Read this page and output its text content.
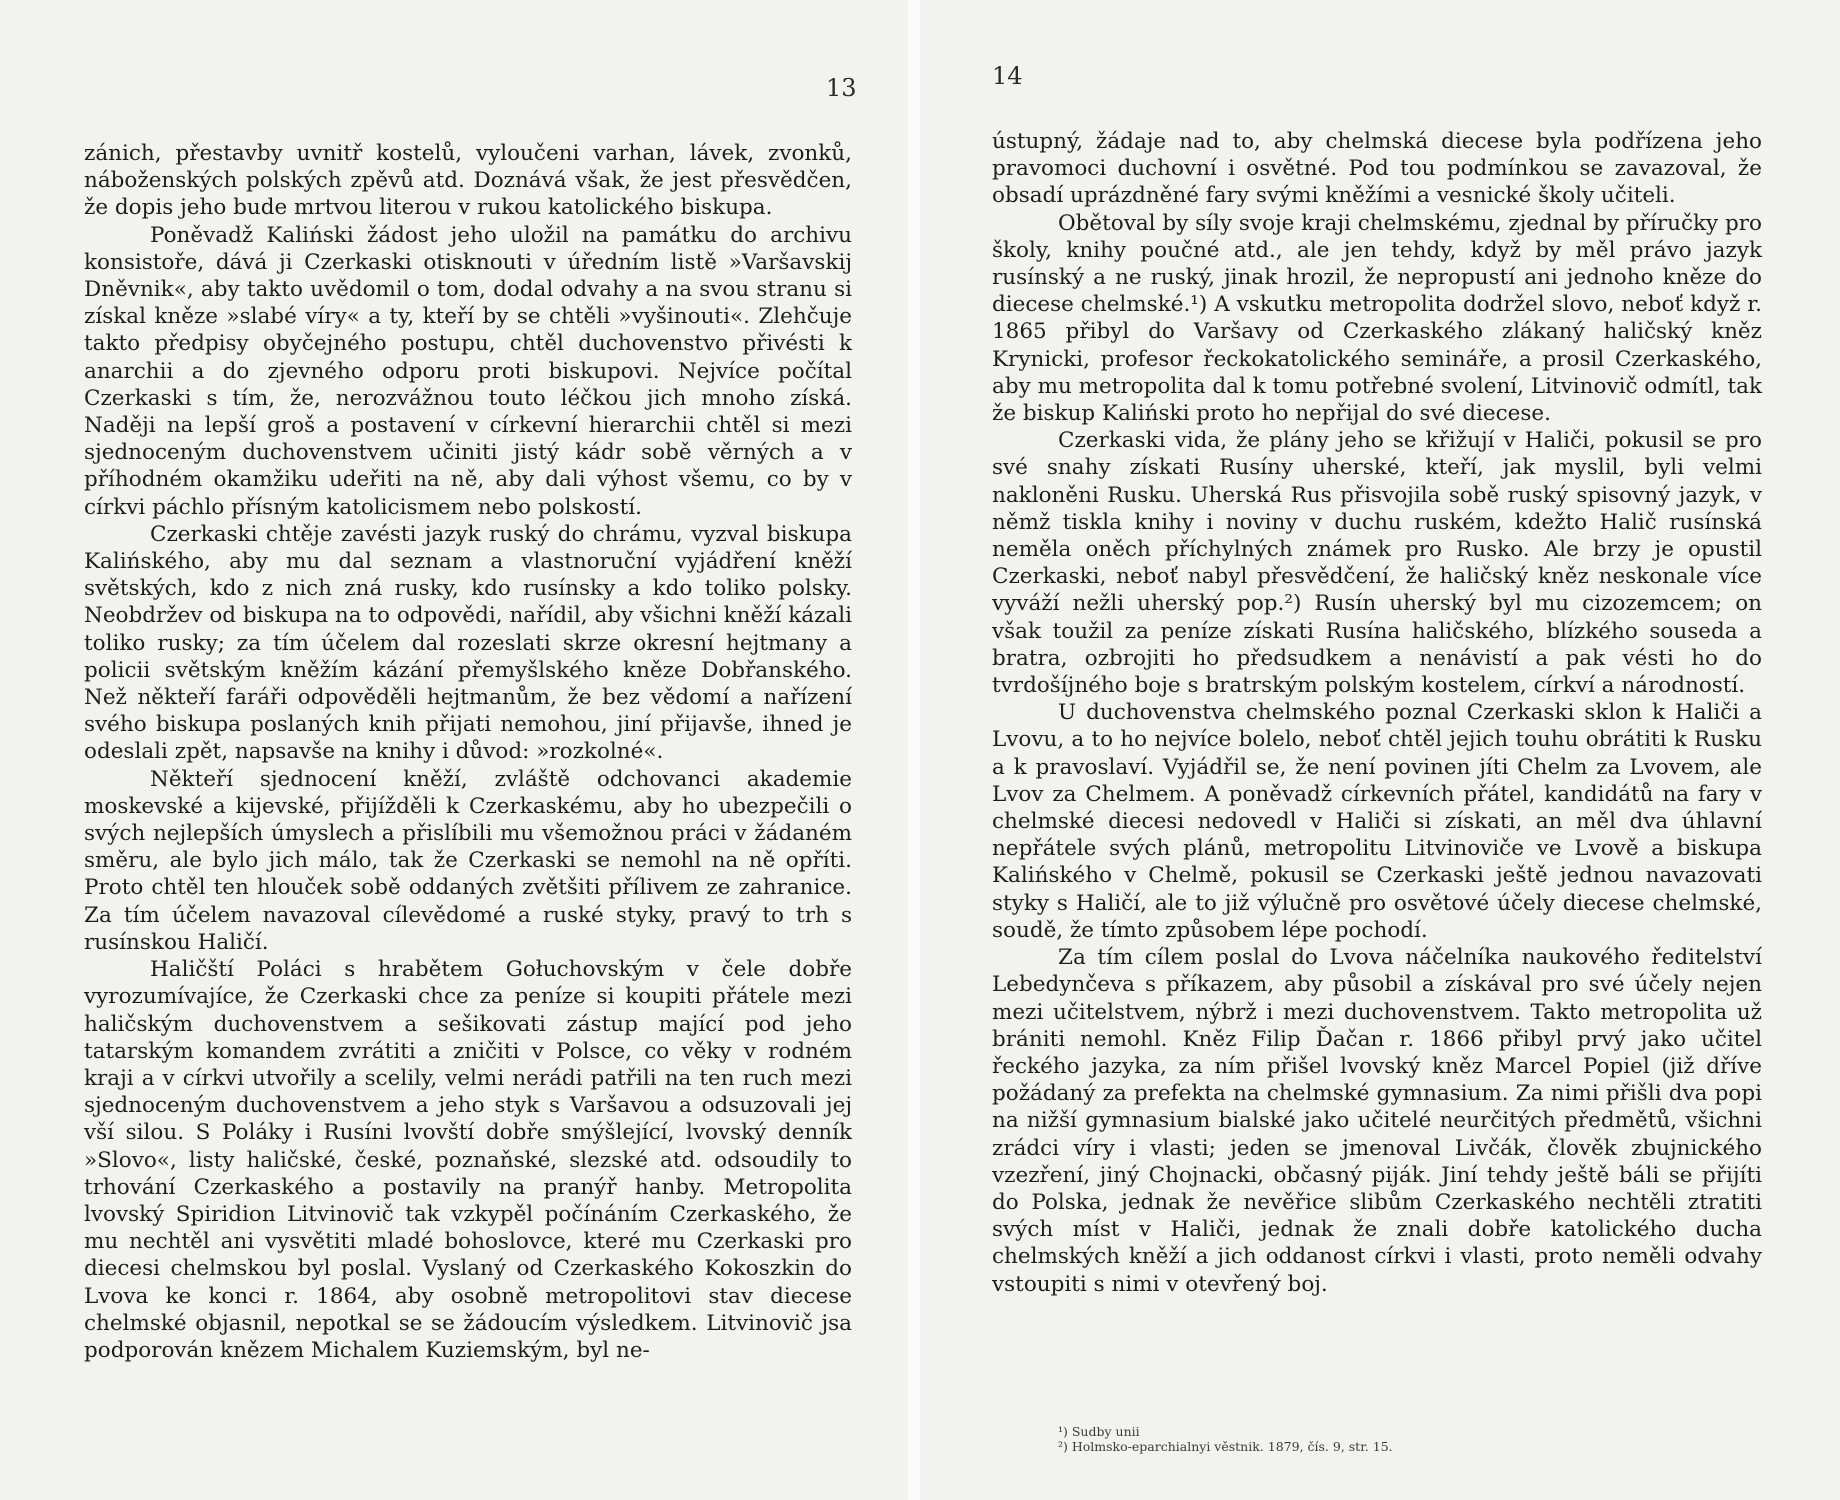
13

zánich, přestavby uvnitř kostelů, vyloučeni varhan, lávek, zvonků, náboženských polských zpěvů atd. Doznává však, že jest přesvědčen, že dopis jeho bude mrtvou literou v rukou katolického biskupa.

Poněvadž Kaliński žádost jeho uložil na památku do archivu konsistoře, dává ji Czerkaski otisknouti v úředním listě »Varšavskij Dněvnik«, aby takto uvědomil o tom, dodal odvahy a na svou stranu si získal kněze »slabé víry« a ty, kteří by se chtěli »vyšinouti«. Zlehčuje takto předpisy obyčejného postupu, chtěl duchovenstvo přivésti k anarchii a do zjevného odporu proti biskupovi. Nejvíce počítal Czerkaski s tím, že, nerozvážnou touto léčkou jich mnoho získá. Naději na lepší groš a postavení v církevní hierarchii chtěl si mezi sjednoceným duchovenstvem učiniti jistý kádr sobě věrných a v příhodném okamžiku udeřiti na ně, aby dali výhost všemu, co by v církvi páchlo přísným katolicismem nebo polskostí.

Czerkaski chtěje zavésti jazyk ruský do chrámu, vyzval biskupa Kalińského, aby mu dal seznam a vlastnoruční vyjádření kněží světských, kdo z nich zná rusky, kdo rusínsky a kdo toliko polsky. Neobdržev od biskupa na to odpovědi, nařídil, aby všichni kněží kázali toliko rusky; za tím účelem dal rozeslati skrze okresní hejtmany a policii světským kněžím kázání přemyšlského kněze Dobřanského. Než někteří faráři odpověděli hejtmanům, že bez vědomí a nařízení svého biskupa poslaných knih přijati nemohou, jiní přijavše, ihned je odeslali zpět, napsavše na knihy i důvod: »rozkolné«.

Někteří sjednocení kněží, zvláště odchovanci akademie moskevské a kijevské, přijížděli k Czerkaskému, aby ho ubezpečili o svých nejlepších úmyslech a přislíbili mu všemožnou práci v žádaném směru, ale bylo jich málo, tak že Czerkaski se nemohl na ně opříti. Proto chtěl ten hlouček sobě oddaných zvětšiti přílivem ze zahranice. Za tím účelem navazoval cílevědomé a ruské styky, pravý to trh s rusínskou Haličí.

Haličští Poláci s hrabětem Gołuchovským v čele dobře vyrozumívajíce, že Czerkaski chce za peníze si koupiti přátele mezi haličským duchovenstvem a sešikovati zástup mající pod jeho tatarským komandem zvrátiti a zničiti v Polsce, co věky v rodném kraji a v církvi utvořily a scelily, velmi nerádi patřili na ten ruch mezi sjednoceným duchovenstvem a jeho styk s Varšavou a odsuzovali jej vší silou. S Poláky i Rusíni lvovští dobře smýšlející, lvovský denník »Slovo«, listy haličské, české, poznaňské, slezské atd. odsoudily to trhování Czerkaského a postavily na pranýř hanby. Metropolita lvovský Spiridion Litvinovič tak vzkypěl počínáním Czerkaského, že mu nechtěl ani vysvětiti mladé bohoslovce, které mu Czerkaski pro diecesi chelmskou byl poslal. Vyslaný od Czerkaského Kokoszkin do Lvova ke konci r. 1864, aby osobně metropolitovi stav diecese chelmské objasnil, nepotkal se se žádoucím výsledkem. Litvinovič jsa podporován knězem Michalem Kuziemským, byl ne-

14

ústupný, žádaje nad to, aby chelmská diecese byla podřízena jeho pravomoci duchovní i osvětné. Pod tou podmínkou se zavazoval, že obsadí uprázdněné fary svými kněžími a vesnické školy učiteli.

Obětoval by síly svoje kraji chelmskému, zjednal by příručky pro školy, knihy poučné atd., ale jen tehdy, když by měl právo jazyk rusínský a ne ruský, jinak hrozil, že nepropustí ani jednoho kněze do diecese chelmské.¹) A vskutku metropolita dodržel slovo, neboť když r. 1865 přibyl do Varšavy od Czerkaského zlákaný haličský kněz Krynicki, profesor řeckokatolického semináře, a prosil Czerkaského, aby mu metropolita dal k tomu potřebné svolení, Litvinovič odmítl, tak že biskup Kaliński proto ho nepřijal do své diecese.

Czerkaski vida, že plány jeho se křižují v Haliči, pokusil se pro své snahy získati Rusíny uherské, kteří, jak myslil, byli velmi nakloněni Rusku. Uherská Rus přisvojila sobě ruský spisovný jazyk, v němž tiskla knihy i noviny v duchu ruském, kdežto Halič rusínská neměla oněch příchylných známek pro Rusko. Ale brzy je opustil Czerkaski, neboť nabyl přesvědčení, že haličský kněz neskonale více vyváží nežli uherský pop.²) Rusín uherský byl mu cizozemcem; on však toužil za peníze získati Rusína haličského, blízkého souseda a bratra, ozbrojiti ho předsudkem a nenávistí a pak vésti ho do tvrdošíjného boje s bratrským polským kostelem, církví a národností.

U duchovenstva chelmského poznal Czerkaski sklon k Haliči a Lvovu, a to ho nejvíce bolelo, neboť chtěl jejich touhu obrátiti k Rusku a k pravoslaví. Vyjádřil se, že není povinen jíti Chelm za Lvovem, ale Lvov za Chelmem. A poněvadž církevních přátel, kandidátů na fary v chelmské diecesi nedovedl v Haliči si získati, an měl dva úhlavní nepřátele svých plánů, metropolitu Litvinoviče ve Lvově a biskupa Kalińského v Chelmě, pokusil se Czerkaski ještě jednou navazovati styky s Haličí, ale to již výlučně pro osvětové účely diecese chelmské, soudě, že tímto způsobem lépe pochodí.

Za tím cílem poslal do Lvova náčelníka naukového ředitelství Lebedynčeva s příkazem, aby působil a získával pro své účely nejen mezi učitelstvem, nýbrž i mezi duchovenstvem. Takto metropolita už brániti nemohl. Kněz Filip Ďačan r. 1866 přibyl prvý jako učitel řeckého jazyka, za ním přišel lvovský kněz Marcel Popiel (již dříve požádaný za prefekta na chelmské gymnasium. Za nimi přišli dva popi na nižší gymnasium bialské jako učitelé neurčitých předmětů, všichni zrádci víry i vlasti; jeden se jmenoval Livčák, člověk zbujnického vzezření, jiný Chojnacki, občasný piják. Jiní tehdy ještě báli se přijíti do Polska, jednak že nevěřice slibům Czerkaského nechtěli ztratiti svých míst v Haliči, jednak že znali dobře katolického ducha chelmských kněží a jich oddanost církvi i vlasti, proto neměli odvahy vstoupiti s nimi v otevřený boj.

¹) Sudby unii
²) Holmsko-eparchialnyi věstnik. 1879, čís. 9, str. 15.
